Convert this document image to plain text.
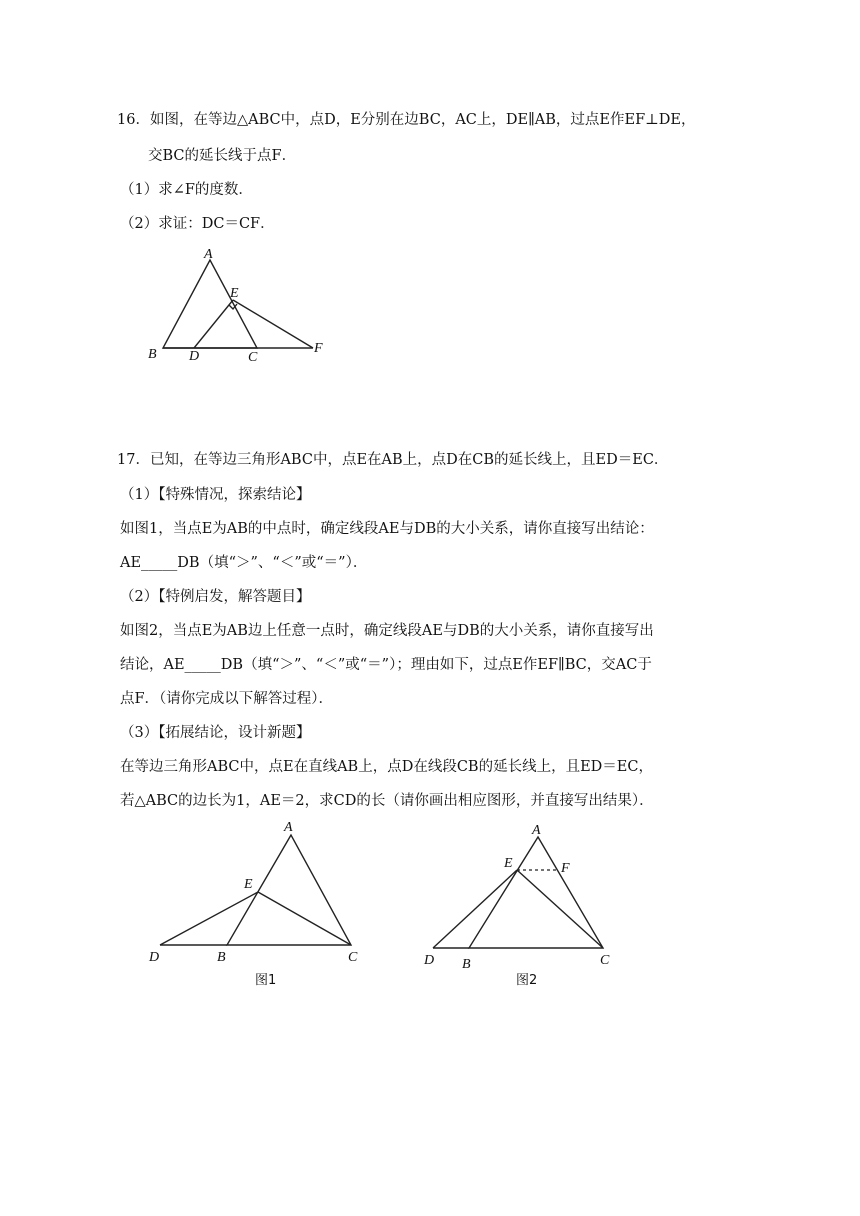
16．如图，在等边△ABC中，点D，E分别在边BC，AC上，DE∥AB，过点E作EF⊥DE，
交BC的延长线于点F．
（1）求∠F的度数．
（2）求证：DC＝CF．
A
E
B D	C
F
17．已知，在等边三角形ABC中，点E在AB上，点D在CB的延长线上，且ED＝EC．
（1）【特殊情况，探索结论】
如图1，当点E为AB的中点时，确定线段AE与DB的大小关系，请你直接写出结论：
AE_____DB（填“＞”、“＜”或“＝”）．
（2）【特例启发，解答题目】
如图2，当点E为AB边上任意一点时，确定线段AE与DB的大小关系，请你直接写出
结论，AE_____DB（填“＞”、“＜”或“＝”）；理由如下，过点E作EF∥BC，交AC于
点F．（请你完成以下解答过程）．
（3）【拓展结论，设计新题】
在等边三角形ABC中，点E在直线AB上，点D在线段CB的延长线上，且ED＝EC，
若△ABC的边长为1，AE＝2，求CD的长（请你画出相应图形，并直接写出结果）．
A
E
D	B	C
图1
A
E	F
D B	C
图2
